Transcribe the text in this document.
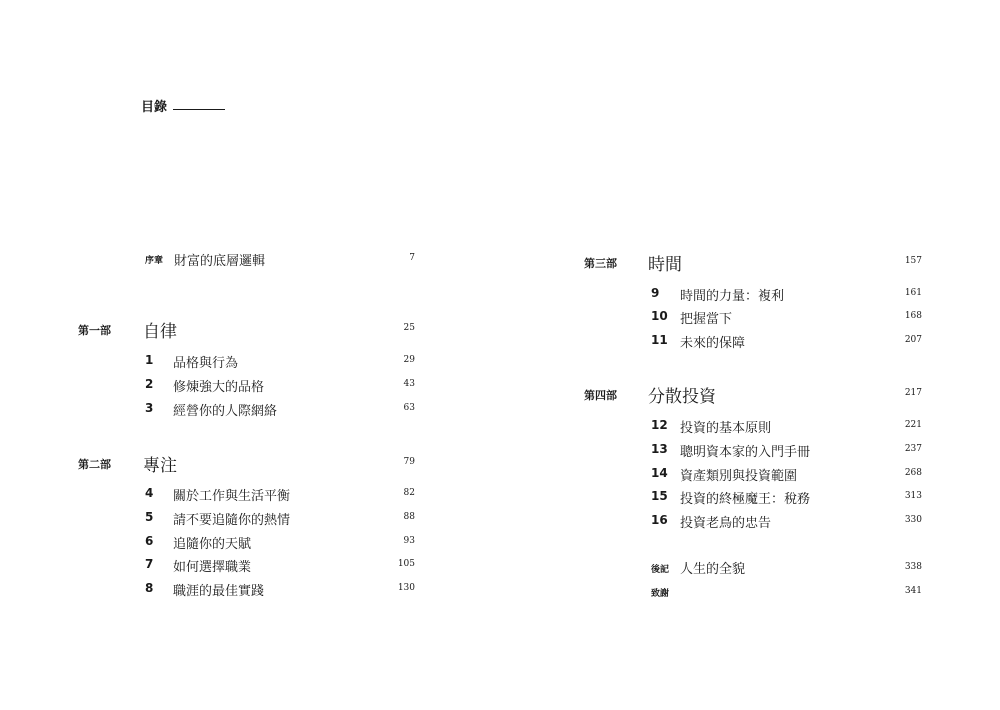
目錄
序章 財富的底層邏輯	7
第一部 自律	25
1 品格與行為	29
2 修煉強大的品格	43
3 經營你的人際網絡	63
第二部 專注	79
4 關於工作與生活平衡	82
5 請不要追隨你的熱情	88
6 追隨你的天賦	93
7 如何選擇職業	105
8 職涯的最佳實踐	130
第三部 時間	157
9 時間的力量：複利	161
10 把握當下	168
11 未來的保障	207
第四部 分散投資	217
12 投資的基本原則	221
13 聰明資本家的入門手冊	237
14 資產類別與投資範圍	268
15 投資的終極魔王：稅務	313
16 投資老鳥的忠告	330
後記 人生的全貌	338
致謝	341
